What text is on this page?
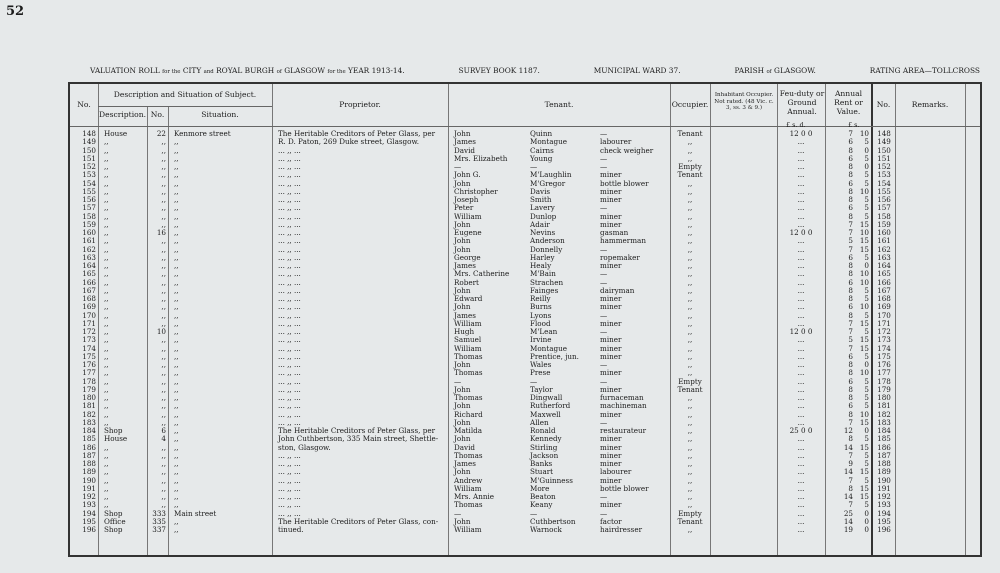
52
VALUATION ROLL for the CITY and ROYAL BURGH of GLASGOW for the YEAR 1913-14.	SURVEY BOOK 1187.	MUNICIPAL WARD 37.	PARISH of GLASGOW.	RATING AREA—TOLLCROSS
No.
Description and Situation of Subject.
Description. No.	Situation.
Proprietor.	Tenant.	Occupier.
Inhabitant Occupier. Not rated. (48 Vic. c. 3, ss. 3 & 9.)
Feu-duty or Ground Annual.
Annual Rent or Value.
No.	Remarks.
£ s. d.	£ s.
148 House	22 Kenmore street	The Heritable Creditors of Peter Glass, per	John	Quinn	—	Tenant	12 0 0	7 10	148
149 ,,	,, ,,	R. D. Paton, 269 Duke street, Glasgow.	James	Montague	labourer	,,	...	6	5	149
150 ,,	,, ,,	... ,, ...	David	Cairns	check weigher	,,	...	8	0	150
151 ,,	,, ,,	... ,, ...	Mrs. Elizabeth	Young	—	,,	...	6	5	151
152 ,,	,, ,,	... ,, ...	—	—	—	Empty	...	8	0	152
153 ,,	,, ,,	... ,, ...	John G.	M'Laughlin	miner	Tenant	...	8	5	153
154 ,,	,, ,,	... ,, ...	John	M'Gregor	bottle blower	,,	...	6	5	154
155 ,,	,, ,,	... ,, ...	Christopher	Davis	miner	,,	...	8 10	155
156 ,,	,, ,,	... ,, ...	Joseph	Smith	miner	,,	...	8	5	156
157 ,,	,, ,,	... ,, ...	Peter	Lavery	—	,,	...	6	5	157
158 ,,	,, ,,	... ,, ...	William	Dunlop	miner	,,	...	8	5	158
159 ,,	,, ,,	... ,, ...	John	Adair	miner	,,	...	7 15	159
160 ,,	16 ,,	... ,, ...	Eugene	Nevins	gasman	,,	12 0 0	7 10	160
161 ,,	,, ,,	... ,, ...	John	Anderson	hammerman	,,	...	5 15	161
162 ,,	,, ,,	... ,, ...	John	Donnelly	—	,,	...	7 15	162
163 ,,	,, ,,	... ,, ...	George	Harley	ropemaker	,,	...	6	5	163
164 ,,	,, ,,	... ,, ...	James	Healy	miner	,,	...	8	0	164
165 ,,	,, ,,	... ,, ...	Mrs. Catherine	M'Bain	—	,,	...	8 10	165
166 ,,	,, ,,	... ,, ...	Robert	Strachen	—	,,	...	6 10	166
167 ,,	,, ,,	... ,, ...	John	Fainges	dairyman	,,	...	8	5	167
168 ,,	,, ,,	... ,, ...	Edward	Reilly	miner	,,	...	8	5	168
169 ,,	,, ,,	... ,, ...	John	Burns	miner	,,	...	6 10	169
170 ,,	,, ,,	... ,, ...	James	Lyons	—	,,	...	8	5	170
171 ,,	,, ,,	... ,, ...	William	Flood	miner	,,	...	7 15	171
172 ,,	10 ,,	... ,, ...	Hugh	M'Lean	—	,,	12 0 0	7	5	172
173 ,,	,, ,,	... ,, ...	Samuel	Irvine	miner	,,	...	5 15	173
174 ,,	,, ,,	... ,, ...	William	Montague	miner	,,	...	7 15	174
175 ,,	,, ,,	... ,, ...	Thomas	Prentice, jun.	miner	,,	...	6	5	175
176 ,,	,, ,,	... ,, ...	John	Wales	—	,,	...	8	0	176
177 ,,	,, ,,	... ,, ...	Thomas	Prese	miner	,,	...	8 10	177
178 ,,	,, ,,	... ,, ...	—	—	—	Empty	...	6	5	178
179 ,,	,, ,,	... ,, ...	John	Taylor	miner	Tenant	...	8	5	179
180 ,,	,, ,,	... ,, ...	Thomas	Dingwall	furnaceman	,,	...	8	5	180
181 ,,	,, ,,	... ,, ...	John	Rutherford	machineman	,,	...	6	5	181
182 ,,	,, ,,	... ,, ...	Richard	Maxwell	miner	,,	...	8 10	182
183 ,,	,, ,,	... ,, ...	John	Allen	—	,,	...	7 15	183
184 Shop	6 ,,	The Heritable Creditors of Peter Glass, per	Matilda	Ronald	restaurateur	,,	25 0 0	12	0	184
185 House	4 ,,	John Cuthbertson, 335 Main street, Shettle-	John	Kennedy	miner	,,	...	8	5	185
186 ,,	,, ,,	ston, Glasgow.	David	Stirling	miner	,,	...	14 15	186
187 ,,	,, ,,	... ,, ...	Thomas	Jackson	miner	,,	...	7	5	187
188 ,,	,, ,,	... ,, ...	James	Banks	miner	,,	...	9	5	188
189 ,,	,, ,,	... ,, ...	John	Stuart	labourer	,,	...	14 15	189
190 ,,	,, ,,	... ,, ...	Andrew	M'Guinness	miner	,,	...	7	5	190
191 ,,	,, ,,	... ,, ...	William	More	bottle blower	,,	...	8 15	191
192 ,,	,, ,,	... ,, ...	Mrs. Annie	Beaton	—	,,	...	14 15	192
193 ,,	,, ,,	... ,, ...	Thomas	Keany	miner	,,	...	7	5	193
194 Shop	333 Main street	... ,, ...	—	—	—	Empty	...	25	0	194
195 Office	335 ,,	The Heritable Creditors of Peter Glass, con-	John	Cuthbertson	factor	Tenant	...	14	0	195
196 Shop	337 ,,	tinued.	William	Warnock	hairdresser	,,	...	19	0	196
